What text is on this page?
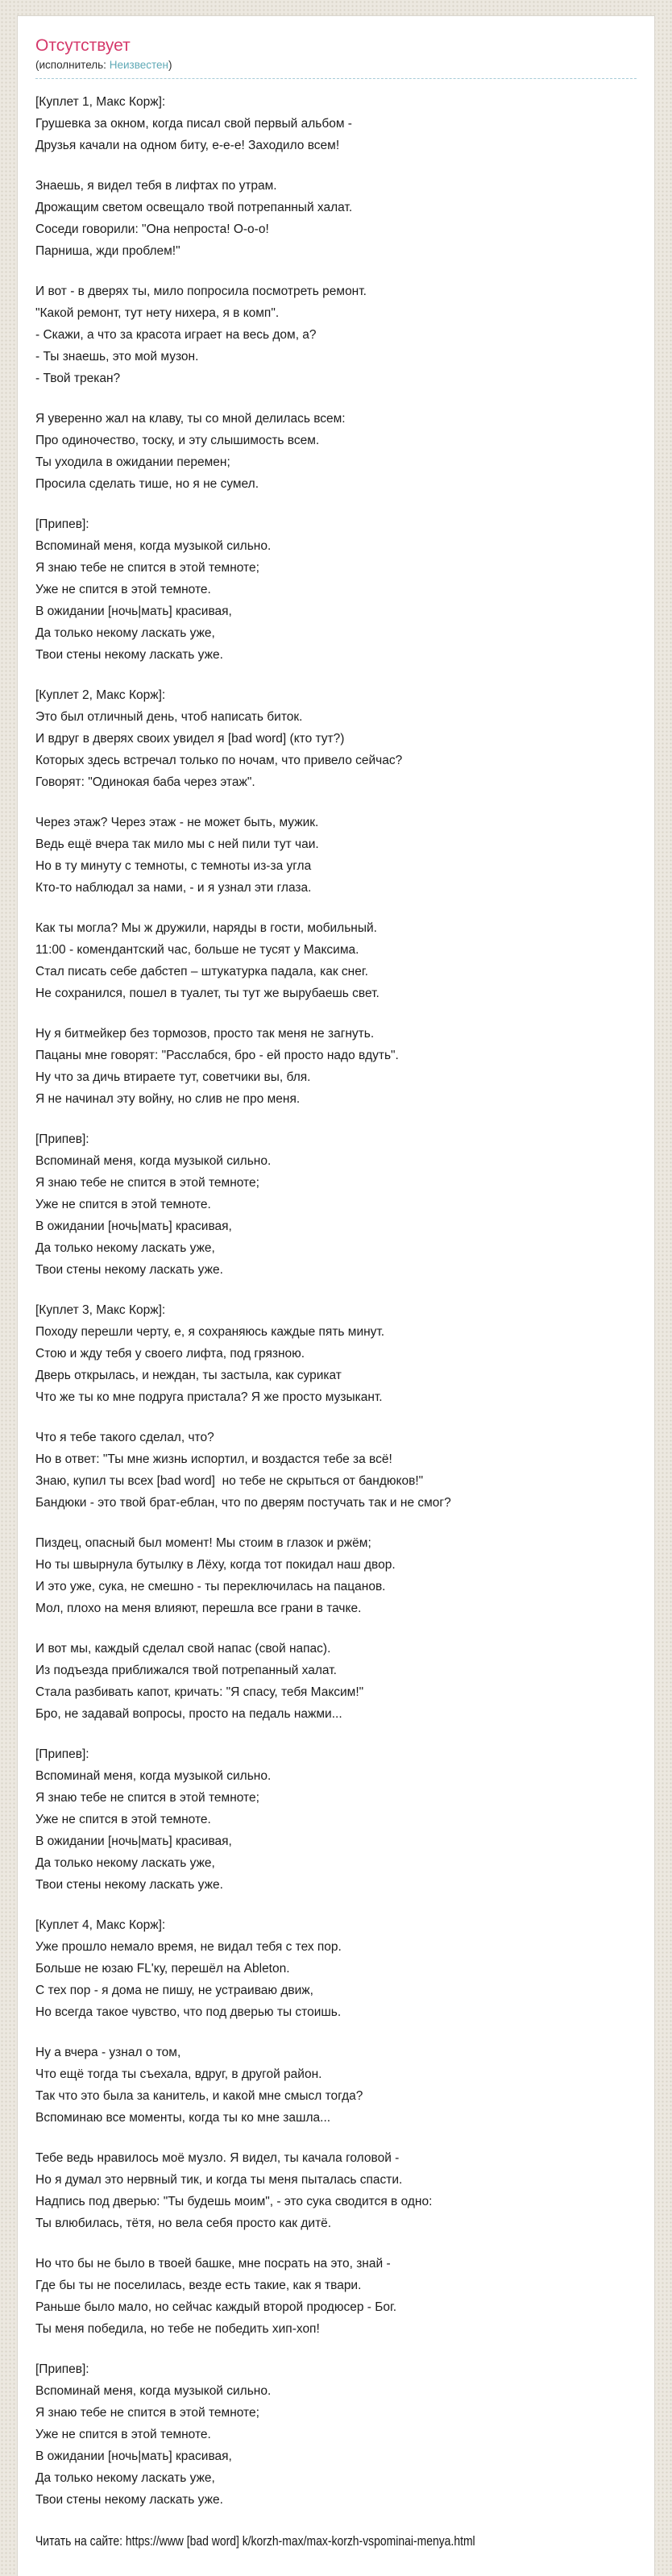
Отсутствует
(исполнитель: Неизвестен)
[Куплет 1, Макс Корж]:
Грушевка за окном, когда писал свой первый альбом -
Друзья качали на одном биту, е-е-е! Заходило всем!
Знаешь, я видел тебя в лифтах по утрам.
Дрожащим светом освещало твой потрепанный халат.
Соседи говорили: "Она непроста! О-о-о!
Парниша, жди проблем!"
И вот - в дверях ты, мило попросила посмотреть ремонт.
"Какой ремонт, тут нету нихера, я в комп".
- Скажи, а что за красота играет на весь дом, а?
- Ты знаешь, это мой музон.
- Твой трекан?
Я уверенно жал на клаву, ты со мной делилась всем:
Про одиночество, тоску, и эту слышимость всем.
Ты уходила в ожидании перемен;
Просила сделать тише, но я не сумел.
[Припев]:
Вспоминай меня, когда музыкой сильно.
Я знаю тебе не спится в этой темноте;
Уже не спится в этой темноте.
В ожидании [ночь|мать] красивая,
Да только некому ласкать уже,
Твои стены некому ласкать уже.
[Куплет 2, Макс Корж]:
Это был отличный день, чтоб написать биток.
И вдруг в дверях своих увидел я [bad word] (кто тут?)
Которых здесь встречал только по ночам, что привело сейчас?
Говорят: "Одинокая баба через этаж".
Через этаж? Через этаж - не может быть, мужик.
Ведь ещё вчера так мило мы с ней пили тут чаи.
Но в ту минуту с темноты, с темноты из-за угла
Кто-то наблюдал за нами, - и я узнал эти глаза.
Как ты могла? Мы ж дружили, наряды в гости, мобильный.
11:00 - комендантский час, больше не тусят у Максима.
Стал писать себе дабстеп – штукатурка падала, как снег.
Не сохранился, пошел в туалет, ты тут же вырубаешь свет.
Ну я битмейкер без тормозов, просто так меня не загнуть.
Пацаны мне говорят: "Расслабся, бро - ей просто надо вдуть".
Ну что за дичь втираете тут, советчики вы, бля.
Я не начинал эту войну, но слив не про меня.
[Припев]:
Вспоминай меня, когда музыкой сильно.
Я знаю тебе не спится в этой темноте;
Уже не спится в этой темноте.
В ожидании [ночь|мать] красивая,
Да только некому ласкать уже,
Твои стены некому ласкать уже.
[Куплет 3, Макс Корж]:
Походу перешли черту, е, я сохраняюсь каждые пять минут.
Стою и жду тебя у своего лифта, под грязною.
Дверь открылась, и неждан, ты застыла, как сурикат
Что же ты ко мне подруга пристала? Я же просто музыкант.
Что я тебе такого сделал, что?
Но в ответ: "Ты мне жизнь испортил, и воздастся тебе за всё!
Знаю, купил ты всех [bad word]  но тебе не скрыться от бандюков!"
Бандюки - это твой брат-еблан, что по дверям постучать так и не смог?
Пиздец, опасный был момент! Мы стоим в глазок и ржём;
Но ты швырнула бутылку в Лёху, когда тот покидал наш двор.
И это уже, сука, не смешно - ты переключилась на пацанов.
Мол, плохо на меня влияют, перешла все грани в тачке.
И вот мы, каждый сделал свой напас (свой напас).
Из подъезда приближался твой потрепанный халат.
Стала разбивать капот, кричать: "Я спасу, тебя Максим!"
Бро, не задавай вопросы, просто на педаль нажми...
[Припев]:
Вспоминай меня, когда музыкой сильно.
Я знаю тебе не спится в этой темноте;
Уже не спится в этой темноте.
В ожидании [ночь|мать] красивая,
Да только некому ласкать уже,
Твои стены некому ласкать уже.
[Куплет 4, Макс Корж]:
Уже прошло немало время, не видал тебя с тех пор.
Больше не юзаю FL'ку, перешёл на Ableton.
С тех пор - я дома не пишу, не устраиваю движ,
Но всегда такое чувство, что под дверью ты стоишь.
Ну а вчера - узнал о том,
Что ещё тогда ты съехала, вдруг, в другой район.
Так что это была за канитель, и какой мне смысл тогда?
Вспоминаю все моменты, когда ты ко мне зашла...
Тебе ведь нравилось моё музло. Я видел, ты качала головой -
Но я думал это нервный тик, и когда ты меня пыталась спасти.
Надпись под дверью: "Ты будешь моим", - это сука сводится в одно:
Ты влюбилась, тётя, но вела себя просто как дитё.
Но что бы не было в твоей башке, мне посрать на это, знай -
Где бы ты не поселилась, везде есть такие, как я твари.
Раньше было мало, но сейчас каждый второй продюсер - Бог.
Ты меня победила, но тебе не победить хип-хоп!
[Припев]:
Вспоминай меня, когда музыкой сильно.
Я знаю тебе не спится в этой темноте;
Уже не спится в этой темноте.
В ожидании [ночь|мать] красивая,
Да только некому ласкать уже,
Твои стены некому ласкать уже.
Читать на сайте: https://www [bad word] k/korzh-max/max-korzh-vspominai-menya.html
